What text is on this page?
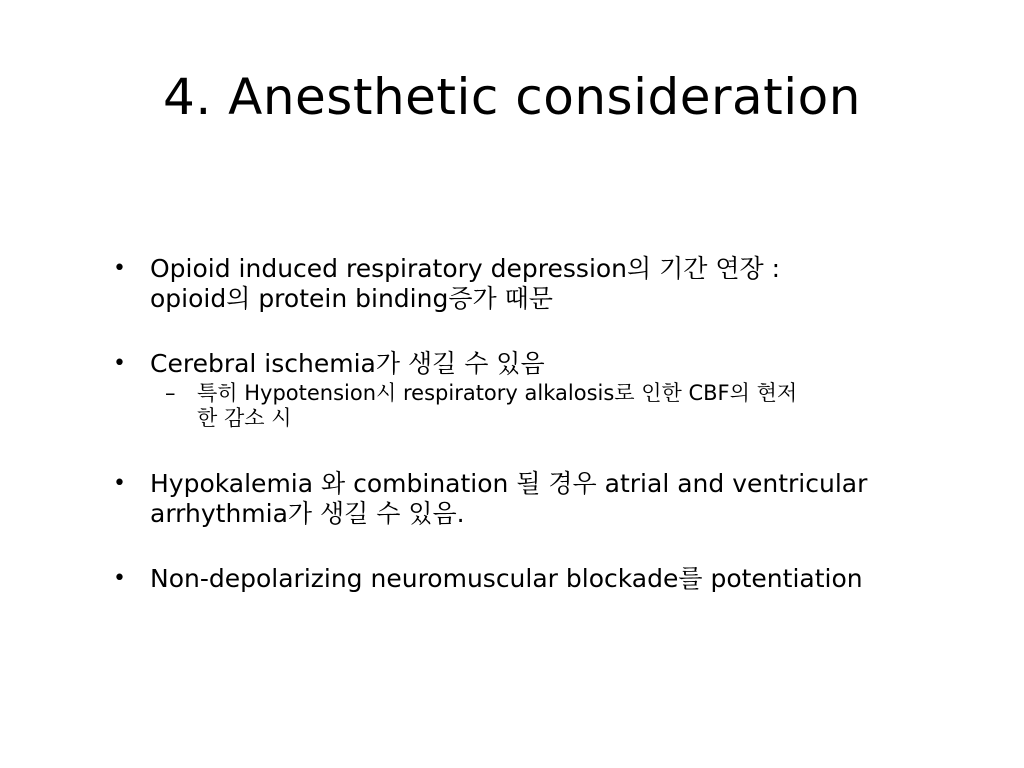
4. Anesthetic consideration
• Opioid induced respiratory depression의 기간 연장 :
opioid의 protein binding증가 때문
• Cerebral ischemia가 생길 수 있음
– 특히 Hypotension시 respiratory alkalosis로 인한 CBF의 현저
한 감소 시
• Hypokalemia 와 combination 될 경우 atrial and ventricular
arrhythmia가 생길 수 있음.
• Non-depolarizing neuromuscular blockade를 potentiation
